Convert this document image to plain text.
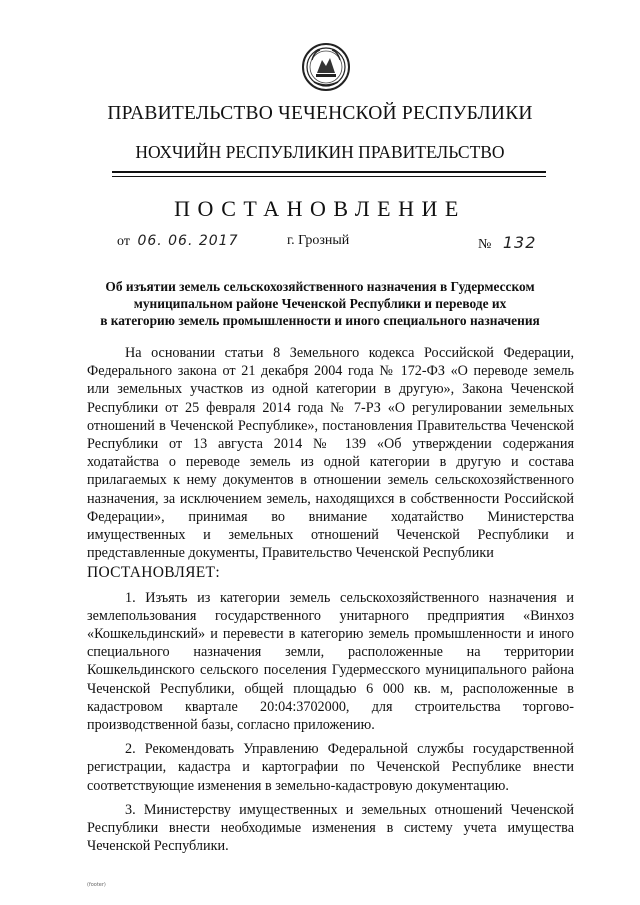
ПРАВИТЕЛЬСТВО ЧЕЧЕНСКОЙ РЕСПУБЛИКИ
НОХЧИЙН РЕСПУБЛИКИН ПРАВИТЕЛЬСТВО
ПОСТАНОВЛЕНИЕ
от 06. 06. 2017	г. Грозный	№ 132
Об изъятии земель сельскохозяйственного назначения в Гудермесском
муниципальном районе Чеченской Республики и переводе их
в категорию земель промышленности и иного специального назначения
На основании статьи 8 Земельного кодекса Российской Федерации, Федерального закона от 21 декабря 2004 года № 172-ФЗ «О переводе земель или земельных участков из одной категории в другую», Закона Чеченской Республики от 25 февраля 2014 года № 7-РЗ «О регулировании земельных отношений в Чеченской Республике», постановления Правительства Чеченской Республики от 13 августа 2014 № 139 «Об утверждении содержания ходатайства о переводе земель из одной категории в другую и состава прилагаемых к нему документов в отношении земель сельскохозяйственного назначения, за исключением земель, находящихся в собственности Российской Федерации», принимая во внимание ходатайство Министерства имущественных и земельных отношений Чеченской Республики и представленные документы, Правительство Чеченской Республики
ПОСТАНОВЛЯЕТ:
1. Изъять из категории земель сельскохозяйственного назначения и землепользования государственного унитарного предприятия «Винхоз «Кошкельдинский» и перевести в категорию земель промышленности и иного специального назначения земли, расположенные на территории Кошкельдинского сельского поселения Гудермесского муниципального района Чеченской Республики, общей площадью 6 000 кв. м, расположенные в кадастровом квартале 20:04:3702000, для строительства торгово-производственной базы, согласно приложению.
2. Рекомендовать Управлению Федеральной службы государственной регистрации, кадастра и картографии по Чеченской Республике внести соответствующие изменения в земельно-кадастровую документацию.
3. Министерству имущественных и земельных отношений Чеченской Республики внести необходимые изменения в систему учета имущества Чеченской Республики.
(footer)
